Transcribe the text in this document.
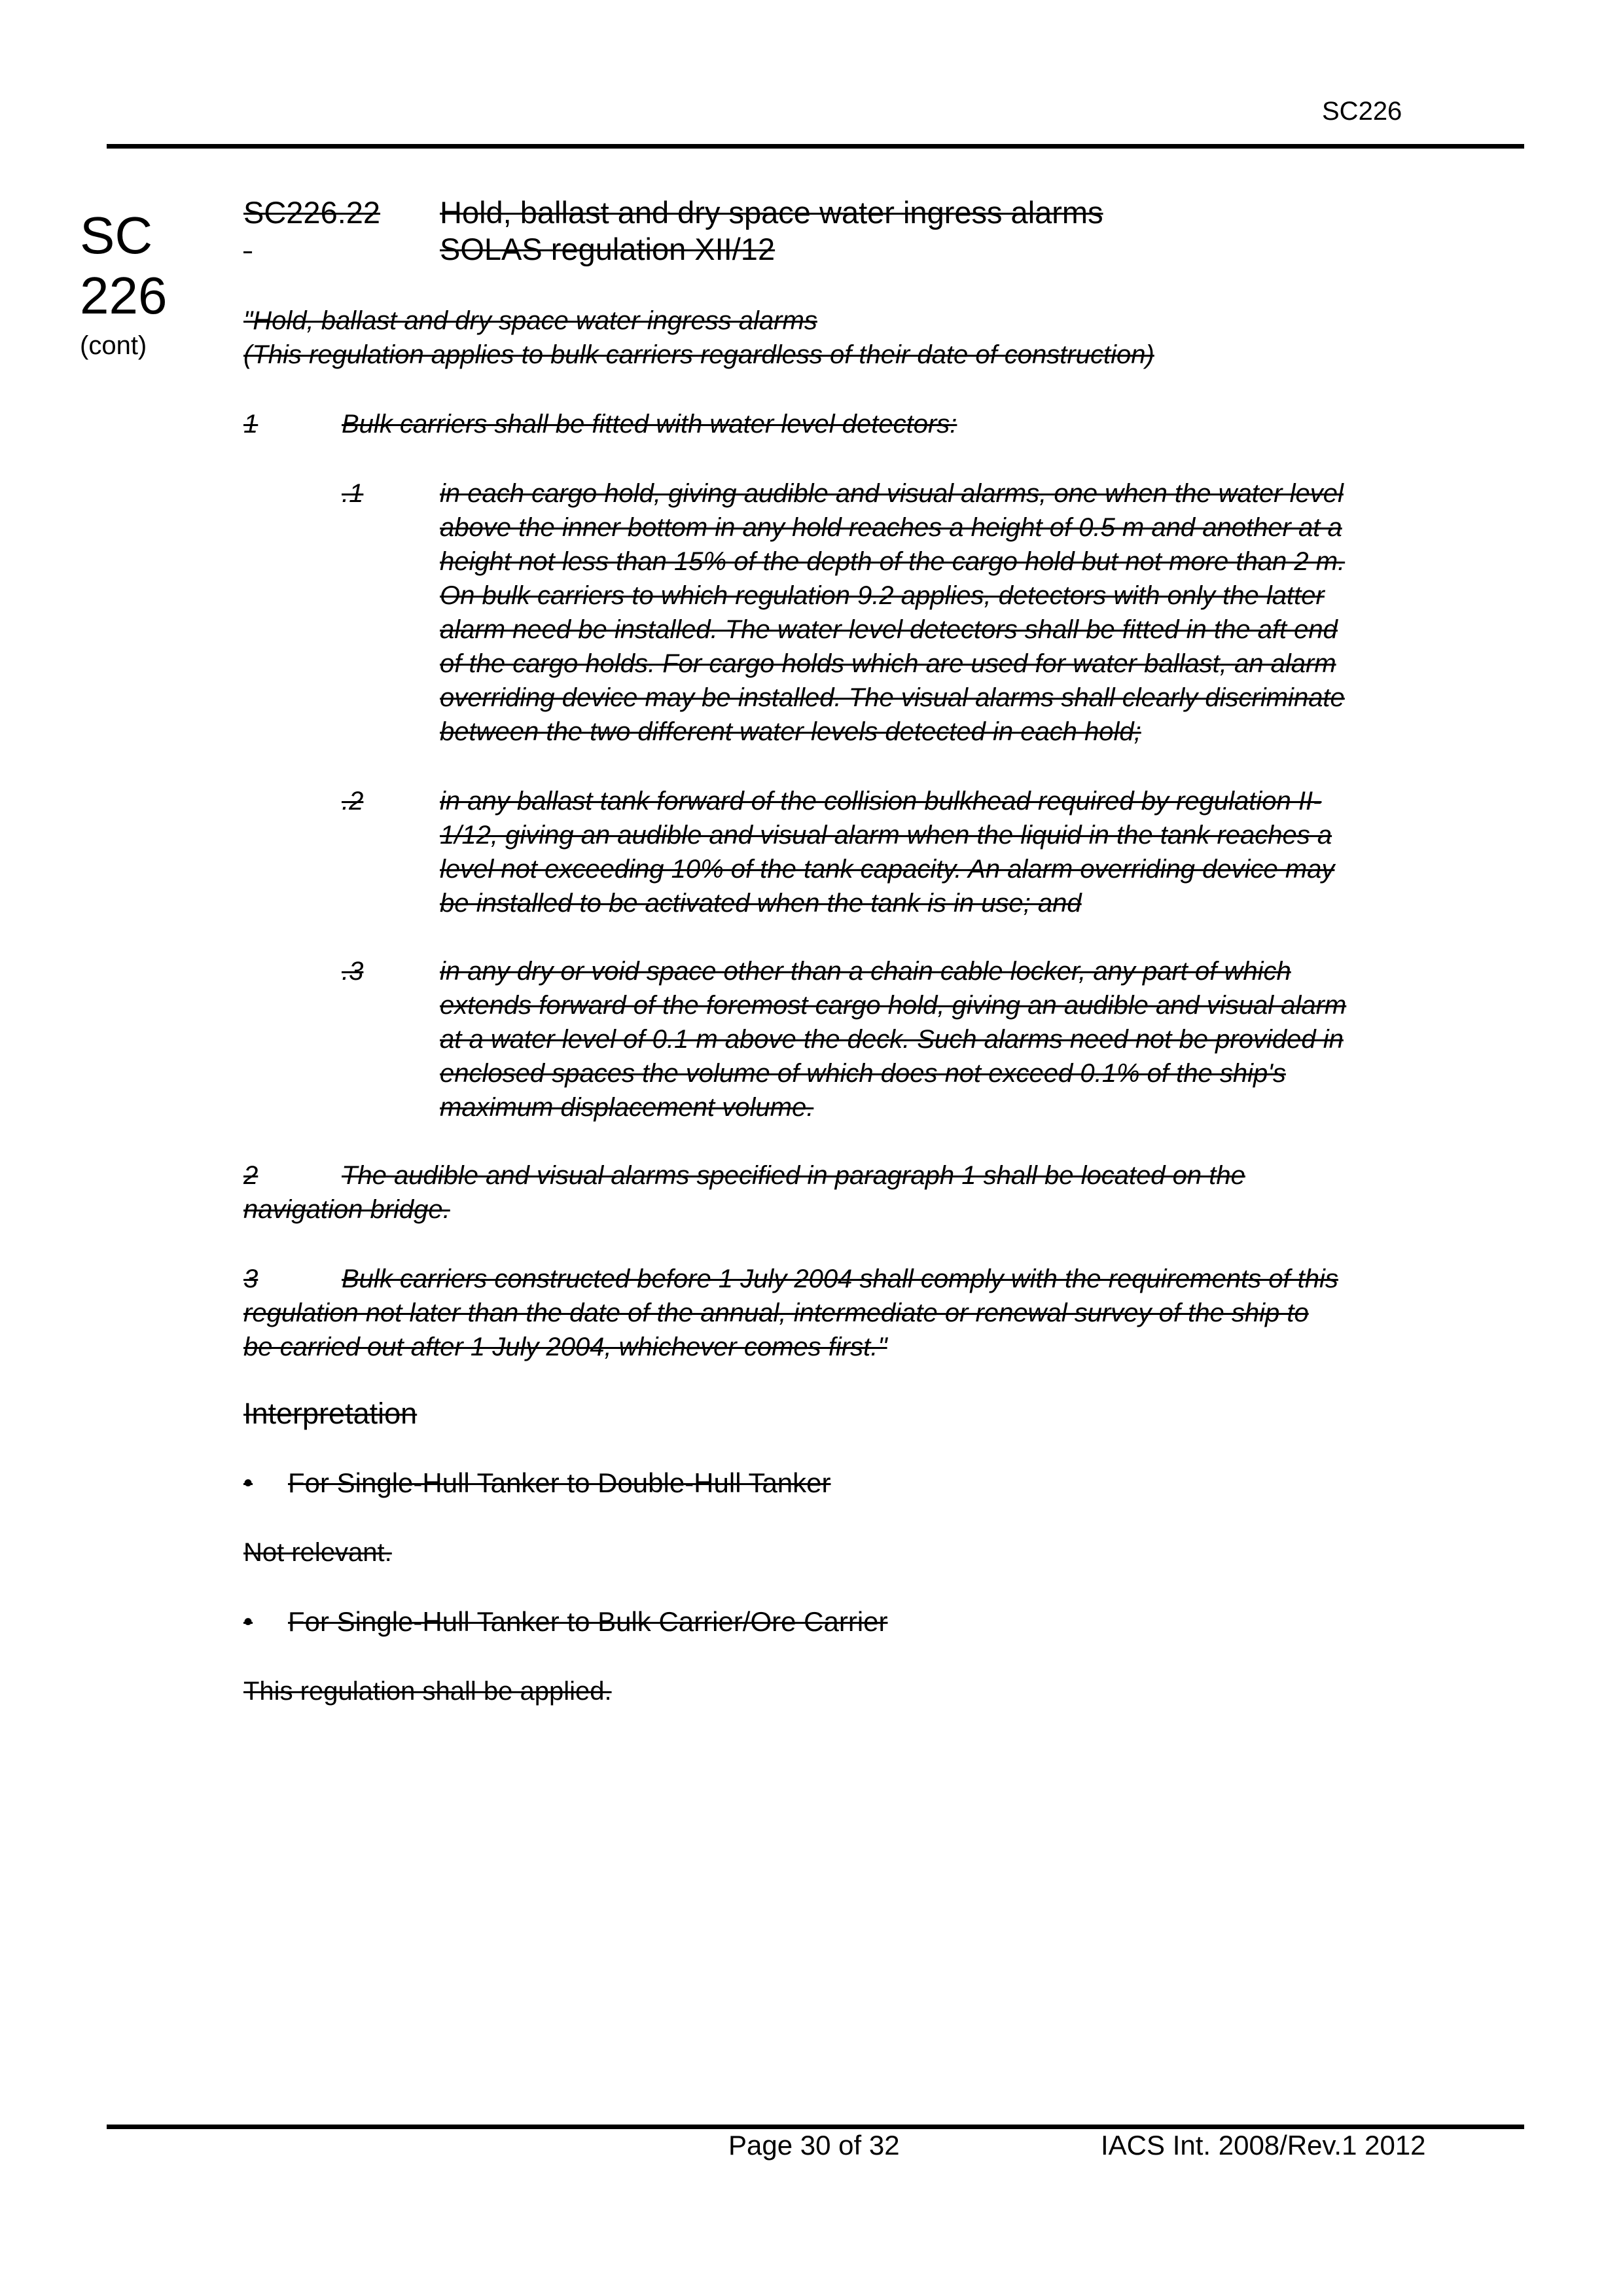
SC226
SC
226
(cont)
SC226.22 Hold, ballast and dry space water ingress alarms

SOLAS regulation XII/12
"Hold, ballast and dry space water ingress alarms
(This regulation applies to bulk carriers regardless of their date of construction)
1	Bulk carriers shall be fitted with water level detectors:
.1	in each cargo hold, giving audible and visual alarms, one when the water level
above the inner bottom in any hold reaches a height of 0.5 m and another at a
height not less than 15% of the depth of the cargo hold but not more than 2 m.
On bulk carriers to which regulation 9.2 applies, detectors with only the latter
alarm need be installed. The water level detectors shall be fitted in the aft end
of the cargo holds. For cargo holds which are used for water ballast, an alarm
overriding device may be installed. The visual alarms shall clearly discriminate
between the two different water levels detected in each hold;
.2	in any ballast tank forward of the collision bulkhead required by regulation II-
1/12, giving an audible and visual alarm when the liquid in the tank reaches a
level not exceeding 10% of the tank capacity. An alarm overriding device may
be installed to be activated when the tank is in use; and
.3	in any dry or void space other than a chain cable locker, any part of which
extends forward of the foremost cargo hold, giving an audible and visual alarm
at a water level of 0.1 m above the deck. Such alarms need not be provided in
enclosed spaces the volume of which does not exceed 0.1% of the ship's
maximum displacement volume.
2	The audible and visual alarms specified in paragraph 1 shall be located on the
navigation bridge.
3	Bulk carriers constructed before 1 July 2004 shall comply with the requirements of this
regulation not later than the date of the annual, intermediate or renewal survey of the ship to
be carried out after 1 July 2004, whichever comes first."
Interpretation
• For Single-Hull Tanker to Double-Hull Tanker
Not relevant.
• For Single-Hull Tanker to Bulk Carrier/Ore Carrier
This regulation shall be applied.
Page 30 of 32	IACS Int. 2008/Rev.1 2012
